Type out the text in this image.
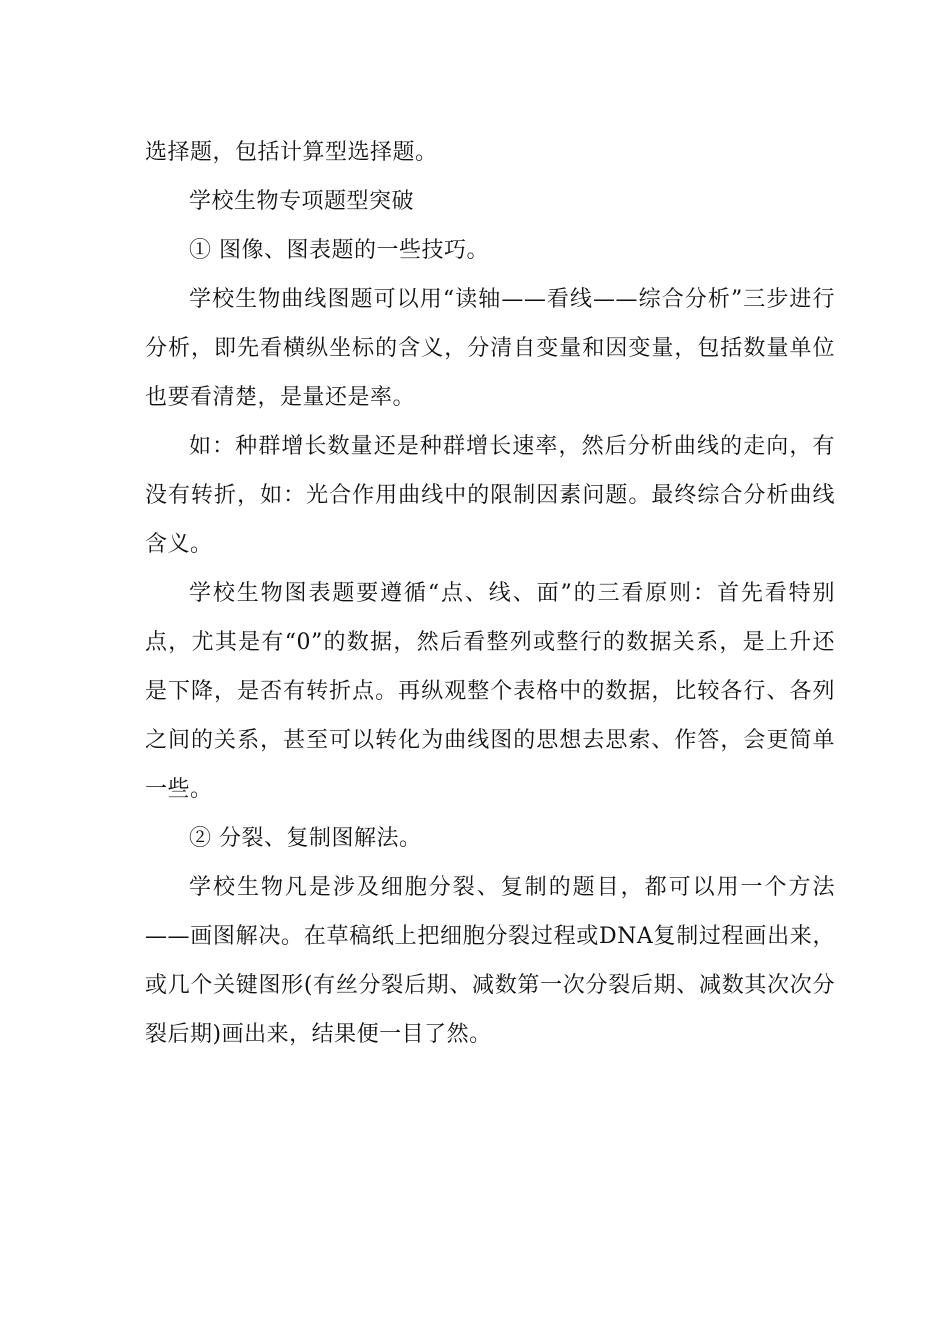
选择题，包括计算型选择题。

学校生物专项题型突破

① 图像、图表题的一些技巧。

学校生物曲线图题可以用“读轴——看线——综合分析”三步进行分析，即先看横纵坐标的含义，分清自变量和因变量，包括数量单位也要看清楚，是量还是率。

如：种群增长数量还是种群增长速率，然后分析曲线的走向，有没有转折，如：光合作用曲线中的限制因素问题。最终综合分析曲线含义。

学校生物图表题要遵循“点、线、面”的三看原则：首先看特别点，尤其是有“0”的数据，然后看整列或整行的数据关系，是上升还是下降，是否有转折点。再纵观整个表格中的数据，比较各行、各列之间的关系，甚至可以转化为曲线图的思想去思索、作答，会更简单一些。

② 分裂、复制图解法。

学校生物凡是涉及细胞分裂、复制的题目，都可以用一个方法——画图解决。在草稿纸上把细胞分裂过程或DNA复制过程画出来，或几个关键图形(有丝分裂后期、减数第一次分裂后期、减数其次次分裂后期)画出来，结果便一目了然。
